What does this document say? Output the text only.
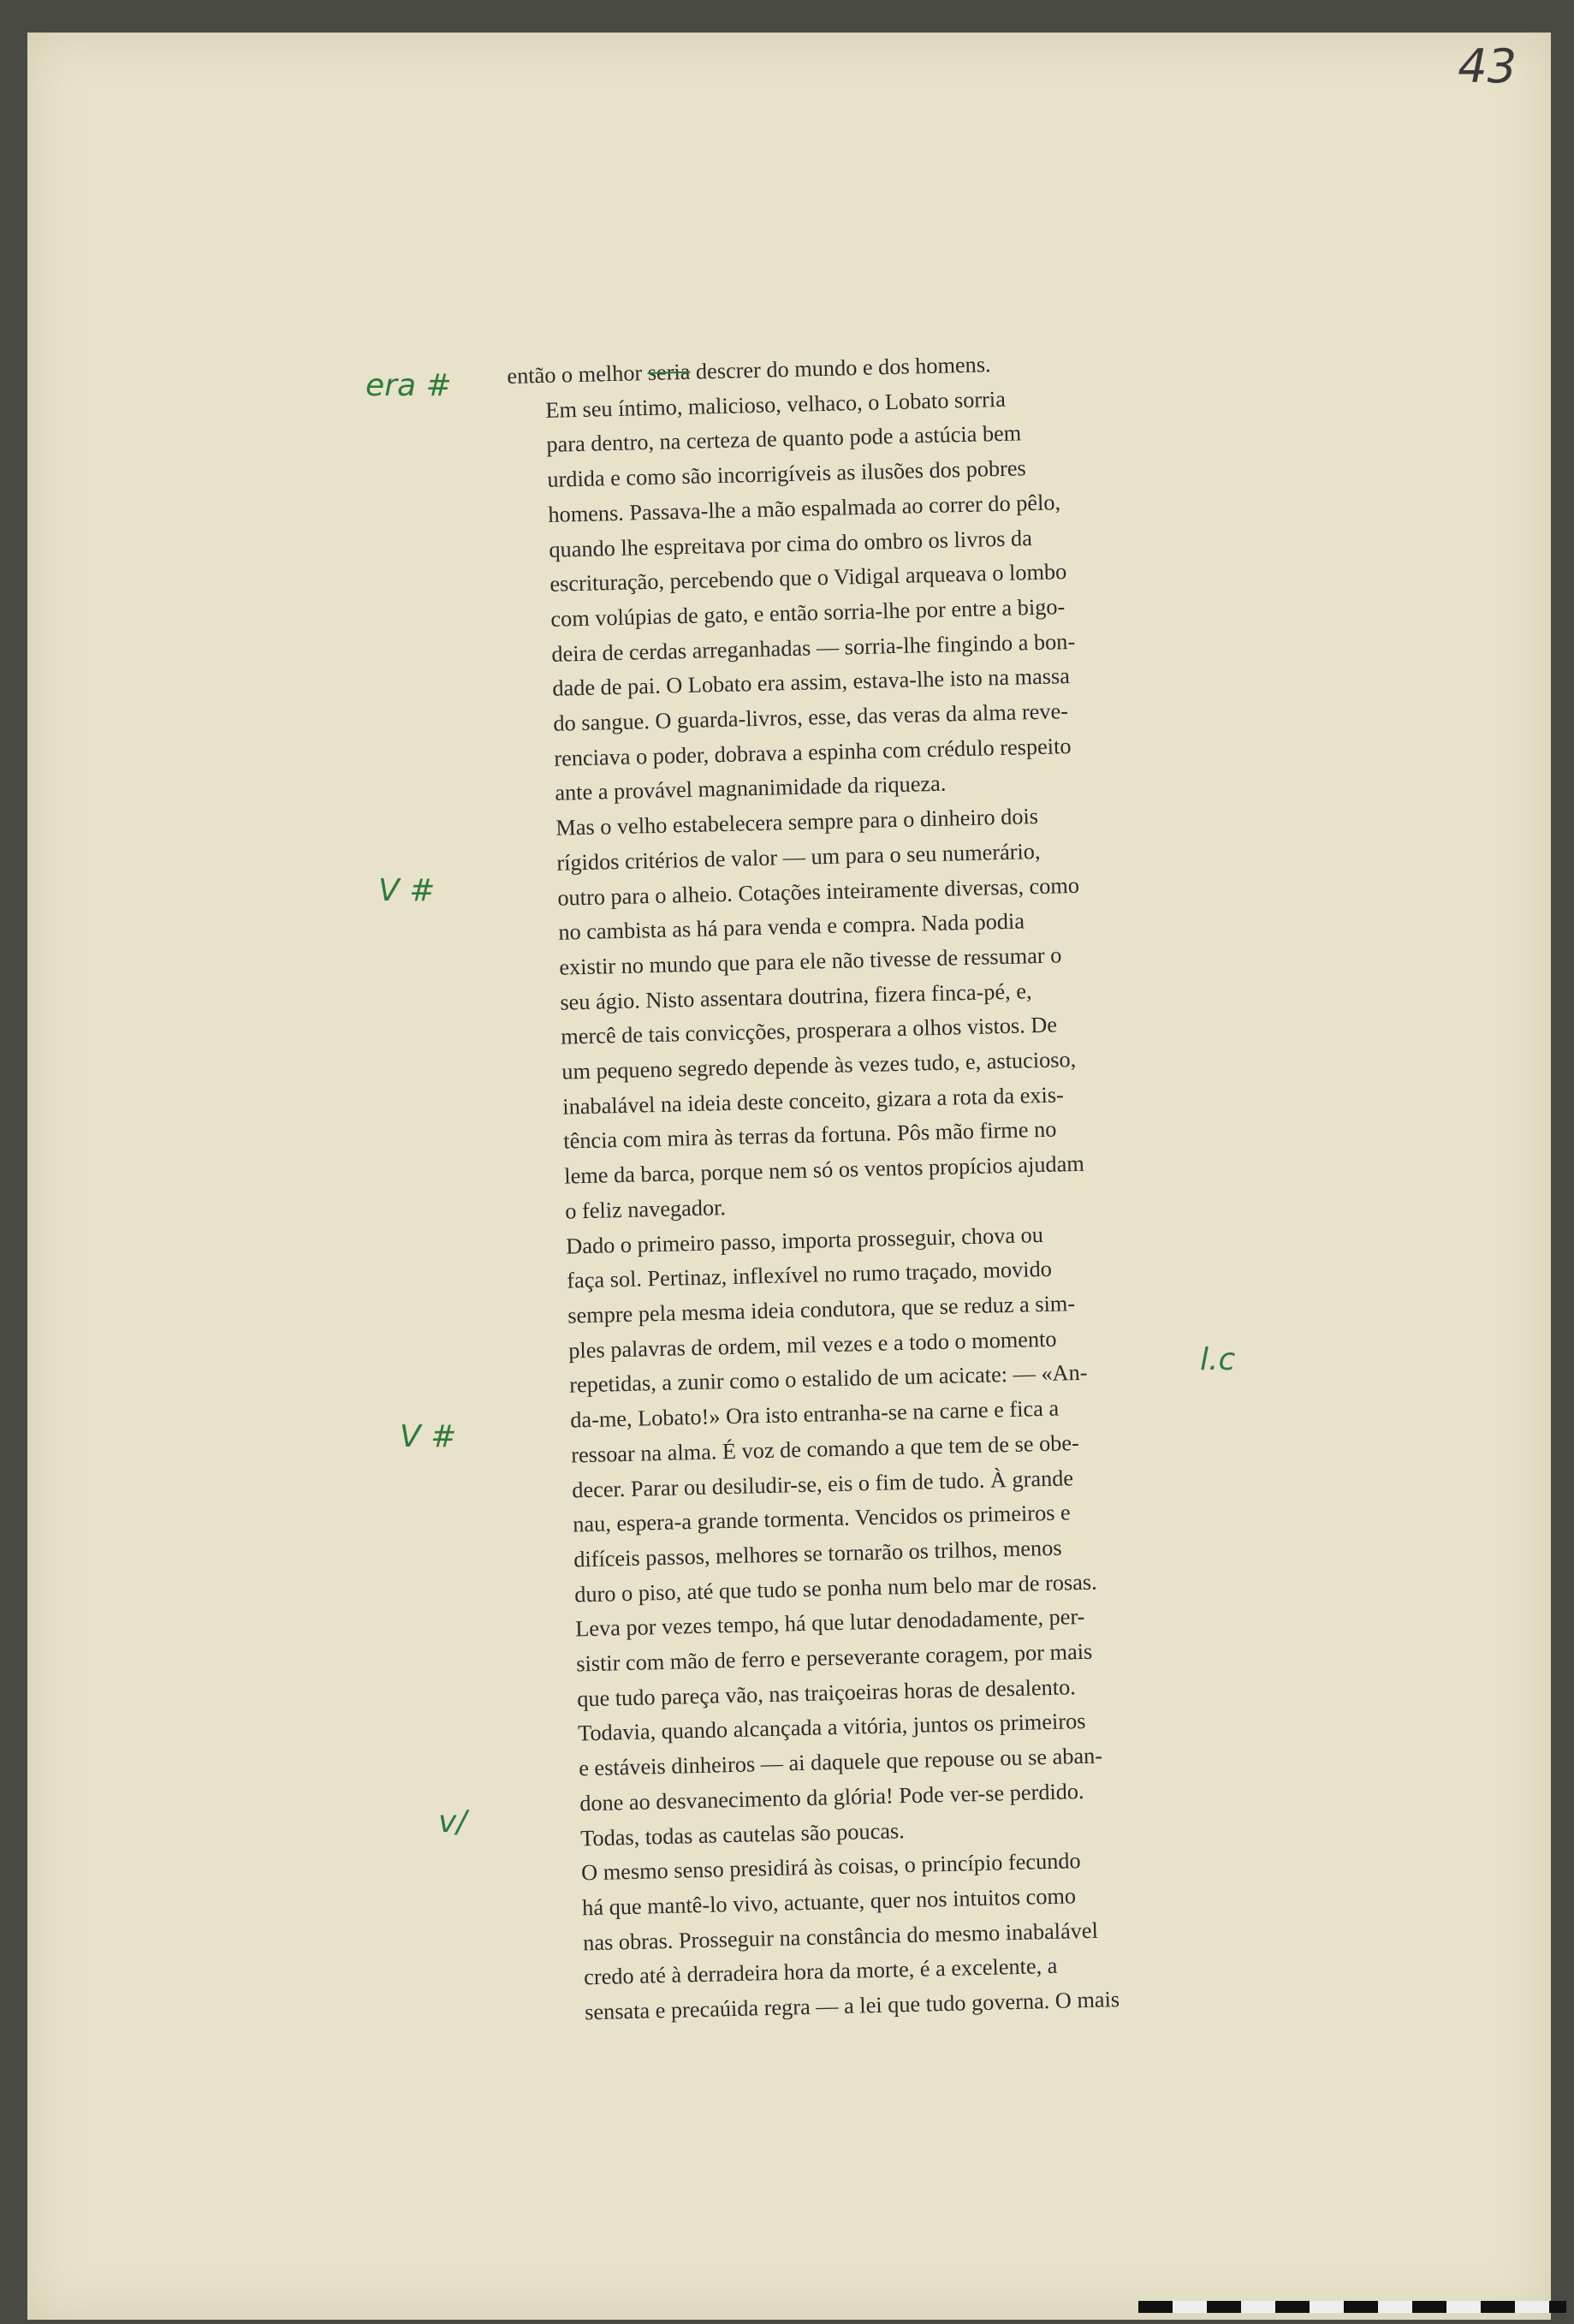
43
era #
V #
l.c
V #
v/

então o melhor seria descrer do mundo e dos homens.

Em seu íntimo, malicioso, velhaco, o Lobato sorria
para dentro, na certeza de quanto pode a astúcia bem
urdida e como são incorrigíveis as ilusões dos pobres
homens. Passava-lhe a mão espalmada ao correr do pêlo,
quando lhe espreitava por cima do ombro os livros da
escrituração, percebendo que o Vidigal arqueava o lombo
com volúpias de gato, e então sorria-lhe por entre a bigo-
deira de cerdas arreganhadas — sorria-lhe fingindo a bon-
dade de pai. O Lobato era assim, estava-lhe isto na massa
do sangue. O guarda-livros, esse, das veras da alma reve-
renciava o poder, dobrava a espinha com crédulo respeito
ante a provável magnanimidade da riqueza.

Mas o velho estabelecera sempre para o dinheiro dois
rígidos critérios de valor — um para o seu numerário,
outro para o alheio. Cotações inteiramente diversas, como
no cambista as há para venda e compra. Nada podia
existir no mundo que para ele não tivesse de ressumar o
seu ágio. Nisto assentara doutrina, fizera finca-pé, e,
mercê de tais convicções, prosperara a olhos vistos. De
um pequeno segredo depende às vezes tudo, e, astucioso,
inabalável na ideia deste conceito, gizara a rota da exis-
tência com mira às terras da fortuna. Pôs mão firme no
leme da barca, porque nem só os ventos propícios ajudam
o feliz navegador.

Dado o primeiro passo, importa prosseguir, chova ou
faça sol. Pertinaz, inflexível no rumo traçado, movido
sempre pela mesma ideia condutora, que se reduz a sim-
ples palavras de ordem, mil vezes e a todo o momento
repetidas, a zunir como o estalido de um acicate: — «An-
da-me, Lobato!» Ora isto entranha-se na carne e fica a
ressoar na alma. É voz de comando a que tem de se obe-
decer. Parar ou desiludir-se, eis o fim de tudo. À grande
nau, espera-a grande tormenta. Vencidos os primeiros e
difíceis passos, melhores se tornarão os trilhos, menos
duro o piso, até que tudo se ponha num belo mar de rosas.
Leva por vezes tempo, há que lutar denodadamente, per-
sistir com mão de ferro e perseverante coragem, por mais
que tudo pareça vão, nas traiçoeiras horas de desalento.
Todavia, quando alcançada a vitória, juntos os primeiros
e estáveis dinheiros — ai daquele que repouse ou se aban-
done ao desvanecimento da glória! Pode ver-se perdido.
Todas, todas as cautelas são poucas.

O mesmo senso presidirá às coisas, o princípio fecundo
há que mantê-lo vivo, actuante, quer nos intuitos como
nas obras. Prosseguir na constância do mesmo inabalável
credo até à derradeira hora da morte, é a excelente, a
sensata e precaúida regra — a lei que tudo governa. O mais
